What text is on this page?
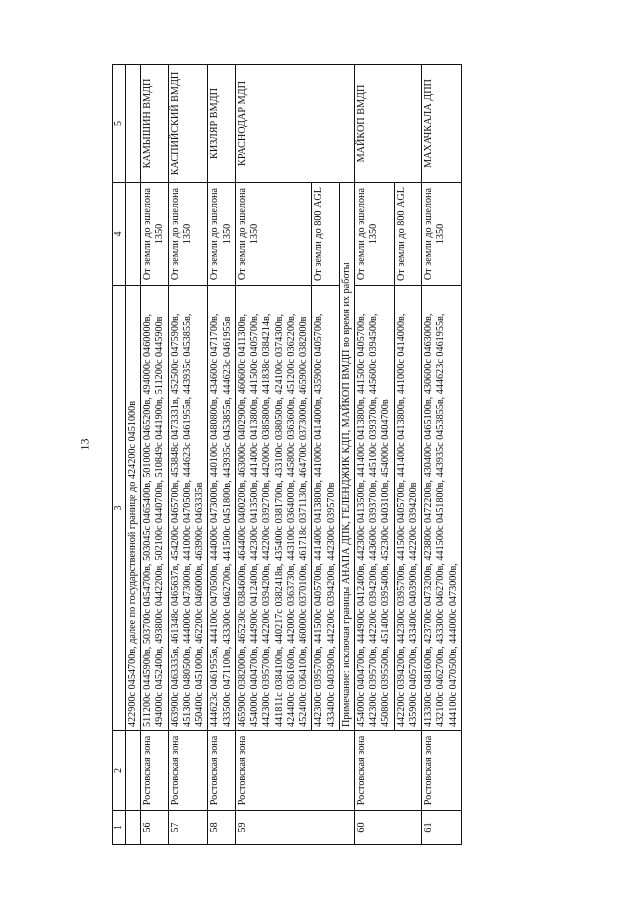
13
1	2	3	4	5
		422900с 0454700в, далее по государственной границе до 424200с 0451000в		
56	Ростовская зона	511200с 0445900в, 503700с 0454700в, 503045с 0465400в, 501000с 0465200в, 494000с 0460000в, 494000с 0452400в, 493800с 0442200в, 502100с 0440700в, 510849с 0441900в, 511200с 0445900в	От земли до эшелона 1350	КАМЫШИН ВМДП
57	Ростовская зона	463900с 0463335в, 461348с 0465637в, 454200с 0465700в, 453848с 0473331в, 452500с 0475900в, 451300с 0480500в, 444000с 0473000в, 441000с 0470500в, 444623с 0461955в, 443935с 0453855в, 450400с 0451000в, 462200с 0460000в, 463900с 0463335в	От земли до эшелона 1350	КАСПИЙСКИЙ ВМДП
58	Ростовская зона	444623с 0461955в, 444100с 0470500в, 444000с 0473000в, 440100с 0480800в, 434600с 0471700в, 433500с 0471100в, 433300с 0462700в, 441500с 0451800в, 443935с 0453855в, 444623с 0461955в	От земли до эшелона 1350	КИЗЛЯР ВМДП
59	Ростовская зона	465900с 0382000в, 465230с 0384600в, 464400с 0400200в, 463000с 0402900в, 460600с 0411300в, 454000с 0404700в, 444900с 0412400в, 442300с 0413500в, 441400с 0413800в, 441500с 0405700в, 442300с 0395700в, 442200с 0394200в, 442200с 0392700в, 442000с 0385800в, 441838с 0384214в, 441811с 0384100в, 440217с 0382418в, 435400с 0381700в, 433100с 0380500в, 424100с 0374300в, 424400с 0361600в, 442000с 0363730в, 443100с 0364000в, 445800с 0363600в, 451200с 0362200в, 452400с 0364100в, 460000с 0370100в, 461718с 0371130в, 464700с 0373000в, 465900с 0382000в	От земли до эшелона 1350	КРАСНОДАР МДП
		442300с 0395700в, 441500с 0405700в, 441400с 0413800в, 441000с 0414000в, 435900с 0405700в, 433400с 0403900в, 442200с 0394200в, 442300с 0395700в	От земли до 800 AGL	
		Примечание: исключая границы АНАПА ДПК, ГЕЛЕНДЖИК КДП, МАЙКОП ВМДП во время их работы		
60	Ростовская зона	454000с 0404700в, 444900с 0412400в, 442300с 0413500в, 441400с 0413800в, 441500с 0405700в, 442300с 0395700в, 442200с 0394200в, 443600с 0393700в, 445100с 0393700в, 445600с 0394500в, 450800с 0395500в, 451400с 0395400в, 452300с 0403100в, 454000с 0404700в	От земли до эшелона 1350	МАЙКОП ВМДП
		442200с 0394200в, 442300с 0395700в, 441500с 0405700в, 441400с 0413800в, 441000с 0414000в, 435900с 0405700в, 433400с 0403900в, 442200с 0394200в	От земли до 800 AGL	
61	Ростовская зона	413300с 0481600в, 423700с 0473200в, 423800с 0472200в, 430400с 0465100в, 430600с 0463000в, 432100с 0462700в, 433300с 0462700в, 441500с 0451800в, 443935с 0453855в, 444623с 0461955в, 444100с 0470500в, 444000с 0473000в,	От земли до эшелона 1350	МАХАЧКАЛА ДПП
